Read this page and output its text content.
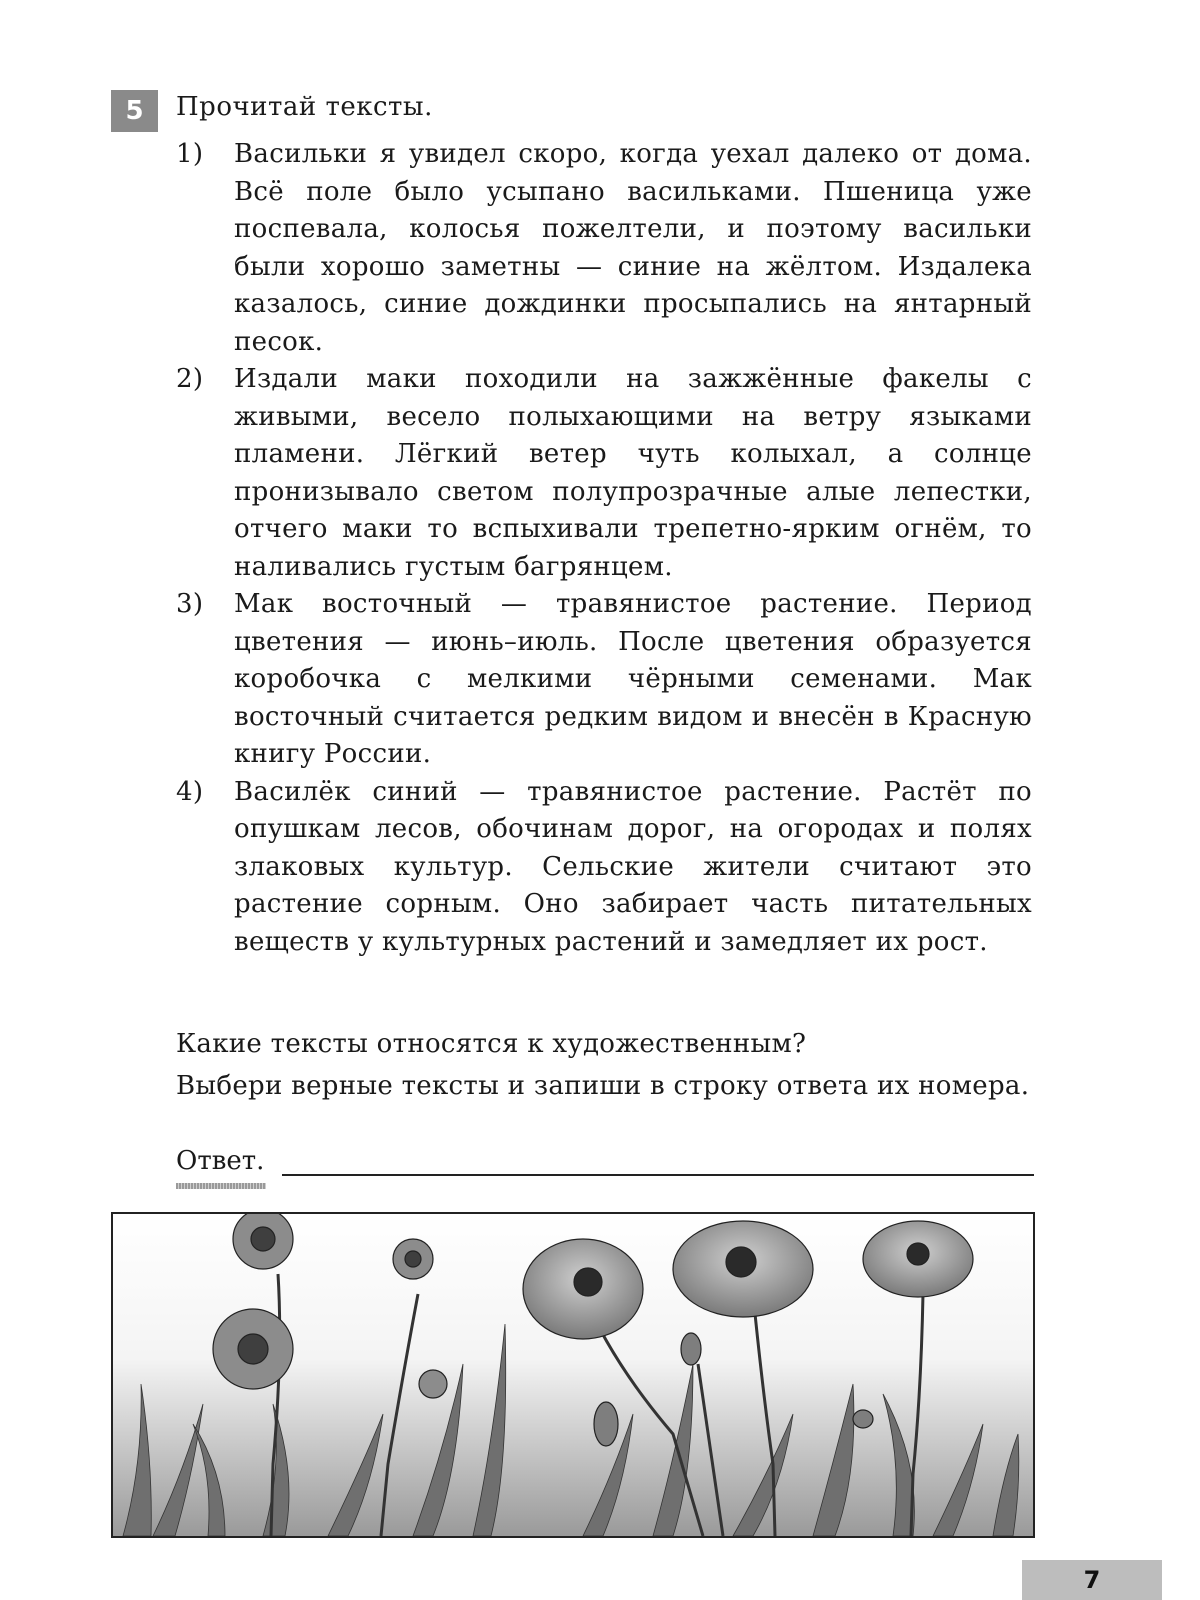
5	Прочитай тексты.
1)	Васильки я увидел скоро, когда уехал далеко от дома. Всё поле было усыпано васильками. Пшеница уже поспевала, колосья пожелтели, и поэтому васильки были хорошо заметны — синие на жёлтом. Издалека казалось, синие дождинки просыпались на янтарный песок.
2)	Издали маки походили на зажжённые факелы с живыми, весело полыхающими на ветру языками пламени. Лёгкий ветер чуть колыхал, а солнце пронизывало светом полупрозрачные алые лепестки, отчего маки то вспыхивали трепетно-ярким огнём, то наливались густым багрянцем.
3)	Мак восточный — травянистое растение. Период цветения — июнь–июль. После цветения образуется коробочка с мелкими чёрными семенами. Мак восточный считается редким видом и внесён в Красную книгу России.
4)	Василёк синий — травянистое растение. Растёт по опушкам лесов, обочинам дорог, на огородах и полях злаковых культур. Сельские жители считают это растение сорным. Оно забирает часть питательных веществ у культурных растений и замедляет их рост.
Какие тексты относятся к художественным?
Выбери верные тексты и запиши в строку ответа их номера.
Ответ.
7
